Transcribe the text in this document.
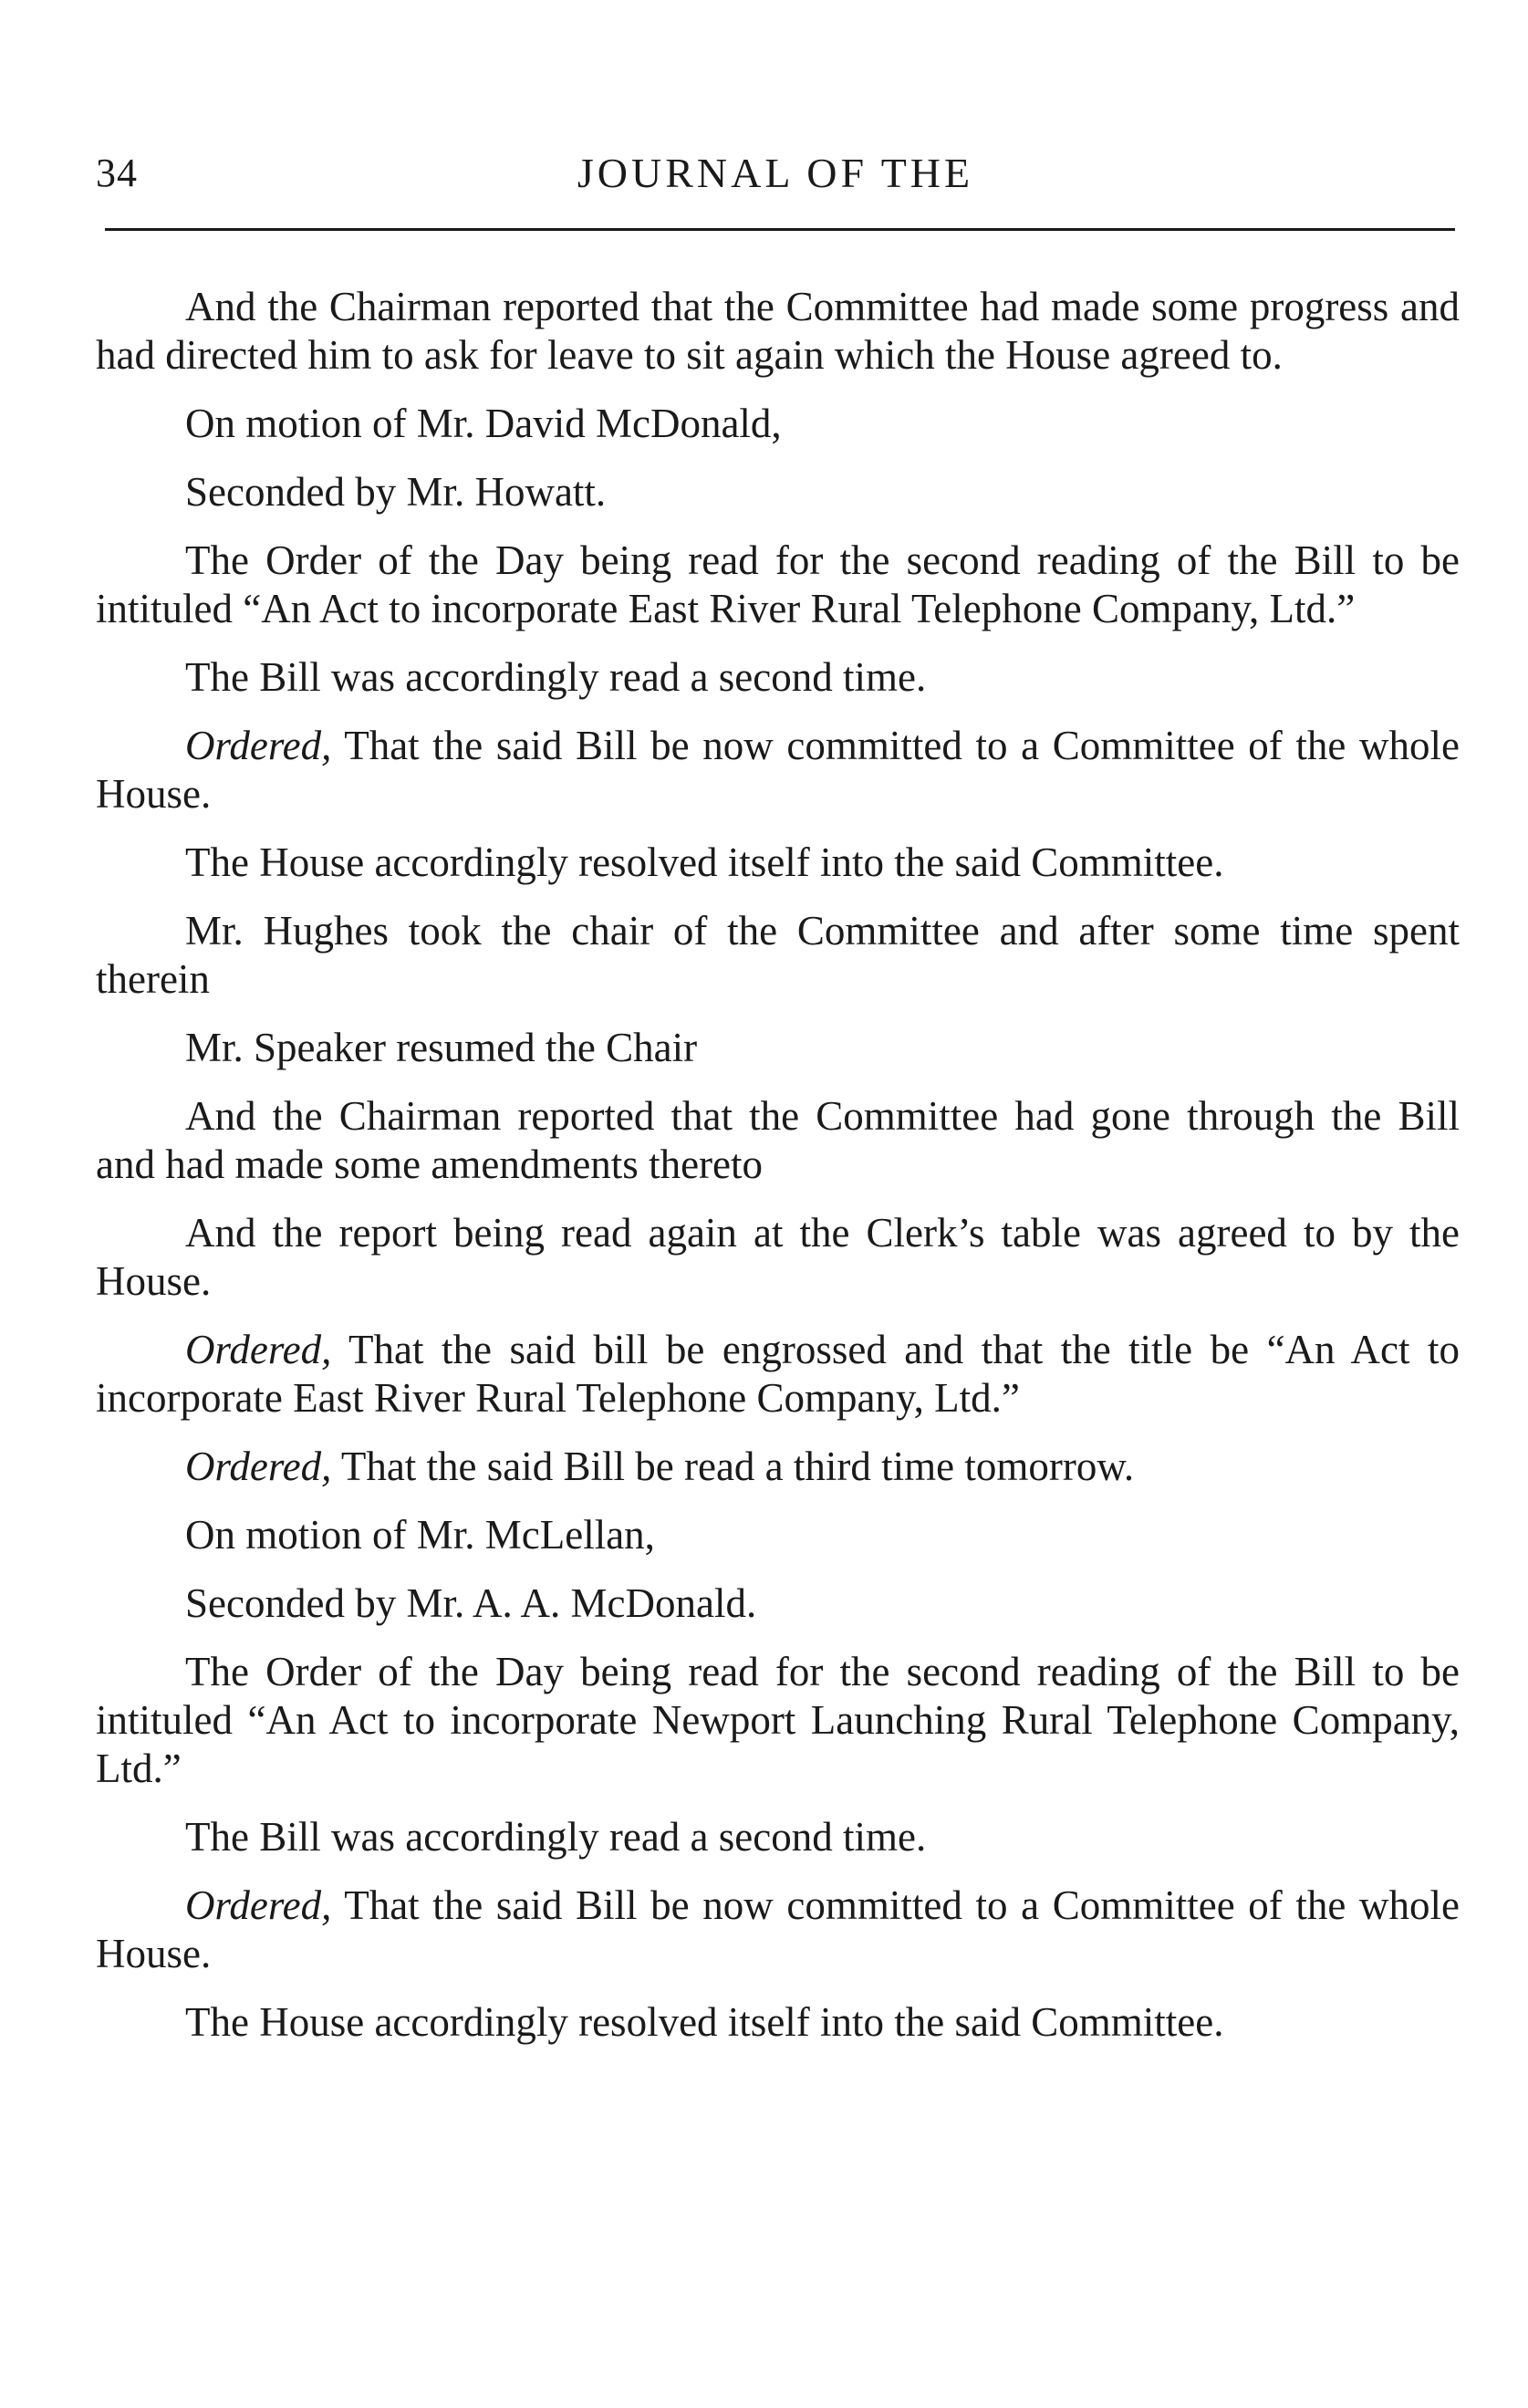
34	JOURNAL OF THE

And the Chairman reported that the Committee had made some progress and had directed him to ask for leave to sit again which the House agreed to.

On motion of Mr. David McDonald,

Seconded by Mr. Howatt.

The Order of the Day being read for the second reading of the Bill to be intituled “An Act to incorporate East River Rural Telephone Company, Ltd.”

The Bill was accordingly read a second time.

Ordered, That the said Bill be now committed to a Committee of the whole House.

The House accordingly resolved itself into the said Committee.

Mr. Hughes took the chair of the Committee and after some time spent therein

Mr. Speaker resumed the Chair

And the Chairman reported that the Committee had gone through the Bill and had made some amendments thereto

And the report being read again at the Clerk’s table was agreed to by the House.

Ordered, That the said bill be engrossed and that the title be “An Act to incorporate East River Rural Telephone Company, Ltd.”

Ordered, That the said Bill be read a third time tomorrow.

On motion of Mr. McLellan,

Seconded by Mr. A. A. McDonald.

The Order of the Day being read for the second reading of the Bill to be intituled “An Act to incorporate Newport Launching Rural Telephone Company, Ltd.”

The Bill was accordingly read a second time.

Ordered, That the said Bill be now committed to a Committee of the whole House.

The House accordingly resolved itself into the said Committee.
